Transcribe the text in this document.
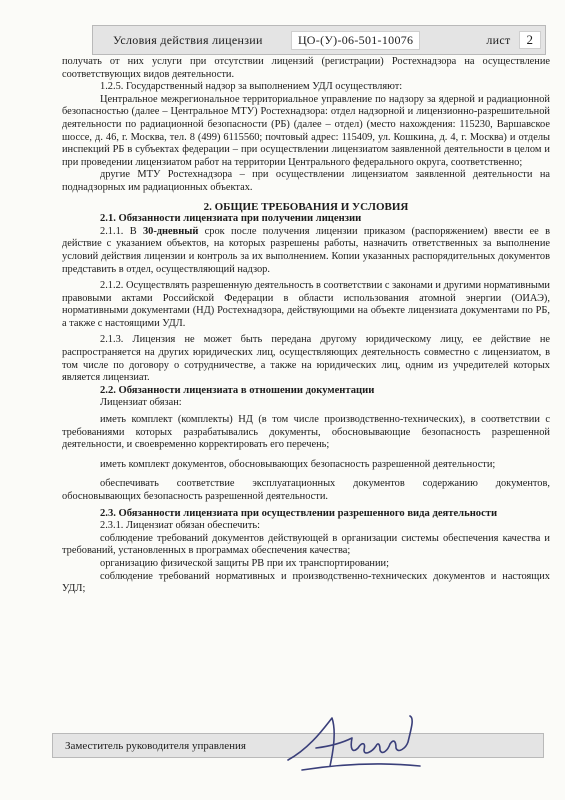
Условия действия лицензии	ЦО-(У)-06-501-10076	лист	2

получать от них услуги при отсутствии лицензий (регистрации) Ростехнадзора на осуществление соответствующих видов деятельности.

1.2.5. Государственный надзор за выполнением УДЛ осуществляют:

Центральное межрегиональное территориальное управление по надзору за ядерной и радиационной безопасностью (далее – Центральное МТУ) Ростехнадзора: отдел надзорной и лицензионно-разрешительной деятельности по радиационной безопасности (РБ) (далее – отдел) (место нахождения: 115230, Варшавское шоссе, д. 46, г. Москва, тел. 8 (499) 6115560; почтовый адрес: 115409, ул. Кошкина, д. 4, г. Москва) и отделы инспекций РБ в субъектах федерации – при осуществлении лицензиатом заявленной деятельности в целом и при проведении лицензиатом работ на территории Центрального федерального округа, соответственно;

другие МТУ Ростехнадзора – при осуществлении лицензиатом заявленной деятельности на поднадзорных им радиационных объектах.

2. ОБЩИЕ ТРЕБОВАНИЯ И УСЛОВИЯ

2.1. Обязанности лицензиата при получении лицензии

2.1.1. В 30-дневный срок после получения лицензии приказом (распоряжением) ввести ее в действие с указанием объектов, на которых разрешены работы, назначить ответственных за выполнение условий действия лицензии и контроль за их выполнением. Копии указанных распорядительных документов представить в отдел, осуществляющий надзор.

2.1.2. Осуществлять разрешенную деятельность в соответствии с законами и другими нормативными правовыми актами Российской Федерации в области использования атомной энергии (ОИАЭ), нормативными документами (НД) Ростехнадзора, действующими на объекте лицензиата документами по РБ, а также с настоящими УДЛ.

2.1.3. Лицензия не может быть передана другому юридическому лицу, ее действие не распространяется на других юридических лиц, осуществляющих деятельность совместно с лицензиатом, в том числе по договору о сотрудничестве, а также на юридических лиц, одним из учредителей которых является лицензиат.

2.2. Обязанности лицензиата в отношении документации

Лицензиат обязан:

иметь комплект (комплекты) НД (в том числе производственно-технических), в соответствии с требованиями которых разрабатывались документы, обосновывающие безопасность разрешенной деятельности, и своевременно корректировать его перечень;

иметь комплект документов, обосновывающих безопасность разрешенной деятельности;

обеспечивать соответствие эксплуатационных документов содержанию документов, обосновывающих безопасность разрешенной деятельности.

2.3. Обязанности лицензиата при осуществлении разрешенного вида деятельности

2.3.1. Лицензиат обязан обеспечить:

соблюдение требований документов действующей в организации системы обеспечения качества и требований, установленных в программах обеспечения качества;

организацию физической защиты РВ при их транспортировании;

соблюдение требований нормативных и производственно-технических документов и настоящих УДЛ;

Заместитель руководителя управления
